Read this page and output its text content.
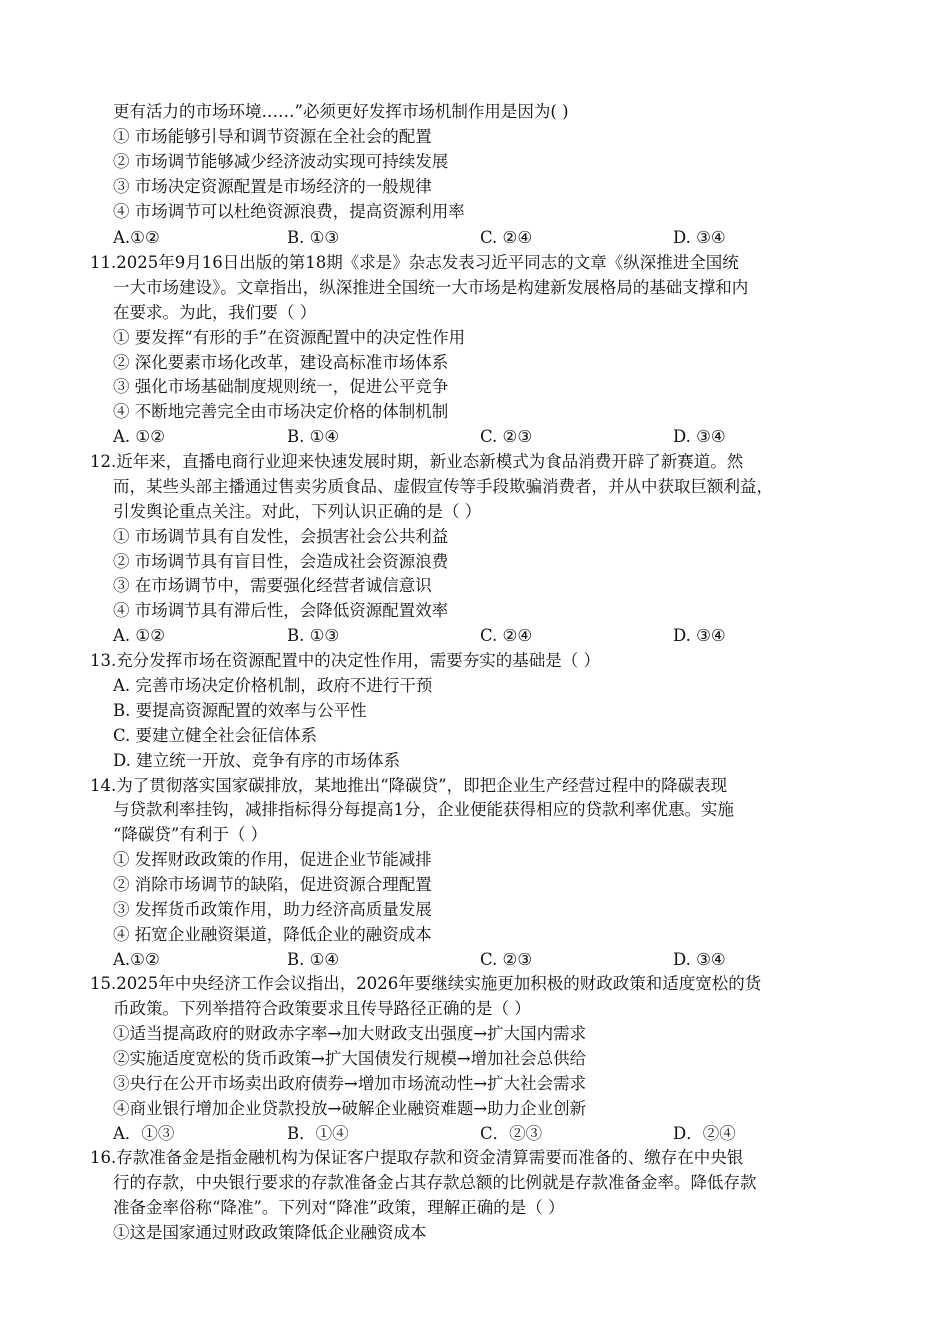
更有活力的市场环境……”必须更好发挥市场机制作用是因为( )
① 市场能够引导和调节资源在全社会的配置
② 市场调节能够减少经济波动实现可持续发展
③ 市场决定资源配置是市场经济的一般规律
④ 市场调节可以杜绝资源浪费，提高资源利用率
A.①②	B. ①③	C. ②④	D. ③④
11.2025年9月16日出版的第18期《求是》杂志发表习近平同志的文章《纵深推进全国统
一大市场建设》。文章指出，纵深推进全国统一大市场是构建新发展格局的基础支撑和内
在要求。为此，我们要（ ）
① 要发挥“有形的手”在资源配置中的决定性作用
② 深化要素市场化改革，建设高标准市场体系
③ 强化市场基础制度规则统一，促进公平竞争
④ 不断地完善完全由市场决定价格的体制机制
A. ①②	B. ①④	C. ②③	D. ③④
12.近年来，直播电商行业迎来快速发展时期，新业态新模式为食品消费开辟了新赛道。然
而，某些头部主播通过售卖劣质食品、虚假宣传等手段欺骗消费者，并从中获取巨额利益，
引发舆论重点关注。对此，下列认识正确的是（ ）
① 市场调节具有自发性，会损害社会公共利益
② 市场调节具有盲目性，会造成社会资源浪费
③ 在市场调节中，需要强化经营者诚信意识
④ 市场调节具有滞后性，会降低资源配置效率
A. ①②	B. ①③	C. ②④	D. ③④
13.充分发挥市场在资源配置中的决定性作用，需要夯实的基础是（ ）
A. 完善市场决定价格机制，政府不进行干预
B. 要提高资源配置的效率与公平性
C. 要建立健全社会征信体系
D. 建立统一开放、竞争有序的市场体系
14.为了贯彻落实国家碳排放，某地推出“降碳贷”，即把企业生产经营过程中的降碳表现
与贷款利率挂钩，减排指标得分每提高1分，企业便能获得相应的贷款利率优惠。实施
“降碳贷”有利于（ ）
① 发挥财政政策的作用，促进企业节能减排
② 消除市场调节的缺陷，促进资源合理配置
③ 发挥货币政策作用，助力经济高质量发展
④ 拓宽企业融资渠道，降低企业的融资成本
A.①②	B. ①④	C. ②③	D. ③④
15.2025年中央经济工作会议指出，2026年要继续实施更加积极的财政政策和适度宽松的货
币政策。下列举措符合政策要求且传导路径正确的是（ ）
①适当提高政府的财政赤字率→加大财政支出强度→扩大国内需求
②实施适度宽松的货币政策→扩大国债发行规模→增加社会总供给
③央行在公开市场卖出政府债券→增加市场流动性→扩大社会需求
④商业银行增加企业贷款投放→破解企业融资难题→助力企业创新
A．①③	B．①④	C．②③	D．②④
16.存款准备金是指金融机构为保证客户提取存款和资金清算需要而准备的、缴存在中央银
行的存款，中央银行要求的存款准备金占其存款总额的比例就是存款准备金率。降低存款
准备金率俗称“降准”。下列对“降准”政策，理解正确的是（ ）
①这是国家通过财政政策降低企业融资成本
